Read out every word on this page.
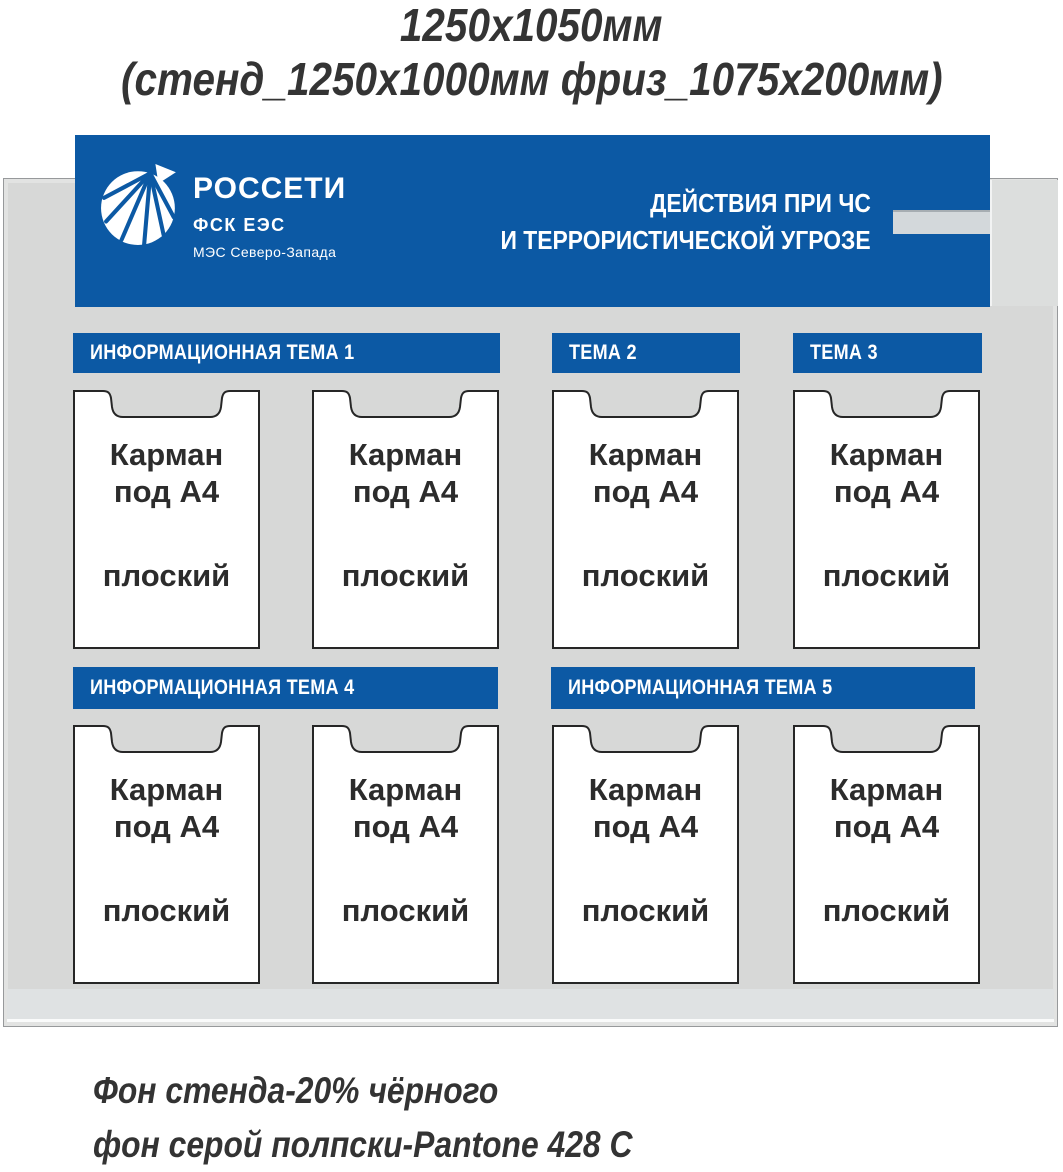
1250х1050мм
(стенд_1250х1000мм фриз_1075х200мм)
ИНФОРМАЦИОННАЯ ТЕМА 1	ТЕМА 2	ТЕМА 3
ИНФОРМАЦИОННАЯ ТЕМА 4	ИНФОРМАЦИОННАЯ ТЕМА 5
Карман
под А4
плоский
Карман
под А4
плоский
Карман
под А4
плоский
Карман
под А4
плоский
Карман
под А4
плоский
Карман
под А4
плоский
Карман
под А4
плоский
Карман
под А4
плоский
РОССЕТИ
ФСК ЕЭС
МЭС Северо-Запада
ДЕЙСТВИЯ ПРИ ЧС
И ТЕРРОРИСТИЧЕСКОЙ УГРОЗЕ
Фон стенда-20% чёрного
фон серой полпски-Pantone 428 C
